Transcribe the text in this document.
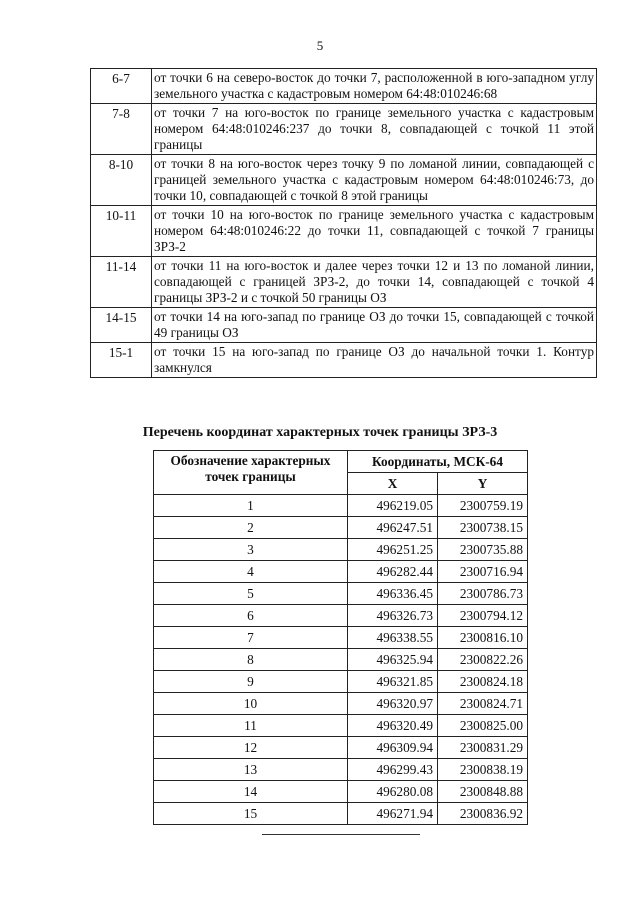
5
6-7	от точки 6 на северо-восток до точки 7, расположенной в юго-западном углу земельного участка с кадастровым номером 64:48:010246:68
7-8	от точки 7 на юго-восток по границе земельного участка с кадастровым номером 64:48:010246:237 до точки 8, совпадающей с точкой 11 этой границы
8-10	от точки 8 на юго-восток через точку 9 по ломаной линии, совпадающей с границей земельного участка с кадастровым номером 64:48:010246:73, до точки 10, совпадающей с точкой 8 этой границы
10-11	от точки 10 на юго-восток по границе земельного участка с кадастровым номером 64:48:010246:22 до точки 11, совпадающей с точкой 7 границы ЗРЗ-2
11-14	от точки 11 на юго-восток и далее через точки 12 и 13 по ломаной линии, совпадающей с границей ЗРЗ-2, до точки 14, совпадающей с точкой 4 границы ЗРЗ-2 и с точкой 50 границы ОЗ
14-15	от точки 14 на юго-запад по границе ОЗ до точки 15, совпадающей с точкой 49 границы ОЗ
15-1	от точки 15 на юго-запад по границе ОЗ до начальной точки 1. Контур замкнулся
Перечень координат характерных точек границы ЗРЗ-3
Обозначение характерных точек границы	Координаты, МСК-64	
	X	Y
1	496219.05	2300759.19
2	496247.51	2300738.15
3	496251.25	2300735.88
4	496282.44	2300716.94
5	496336.45	2300786.73
6	496326.73	2300794.12
7	496338.55	2300816.10
8	496325.94	2300822.26
9	496321.85	2300824.18
10	496320.97	2300824.71
11	496320.49	2300825.00
12	496309.94	2300831.29
13	496299.43	2300838.19
14	496280.08	2300848.88
15	496271.94	2300836.92
